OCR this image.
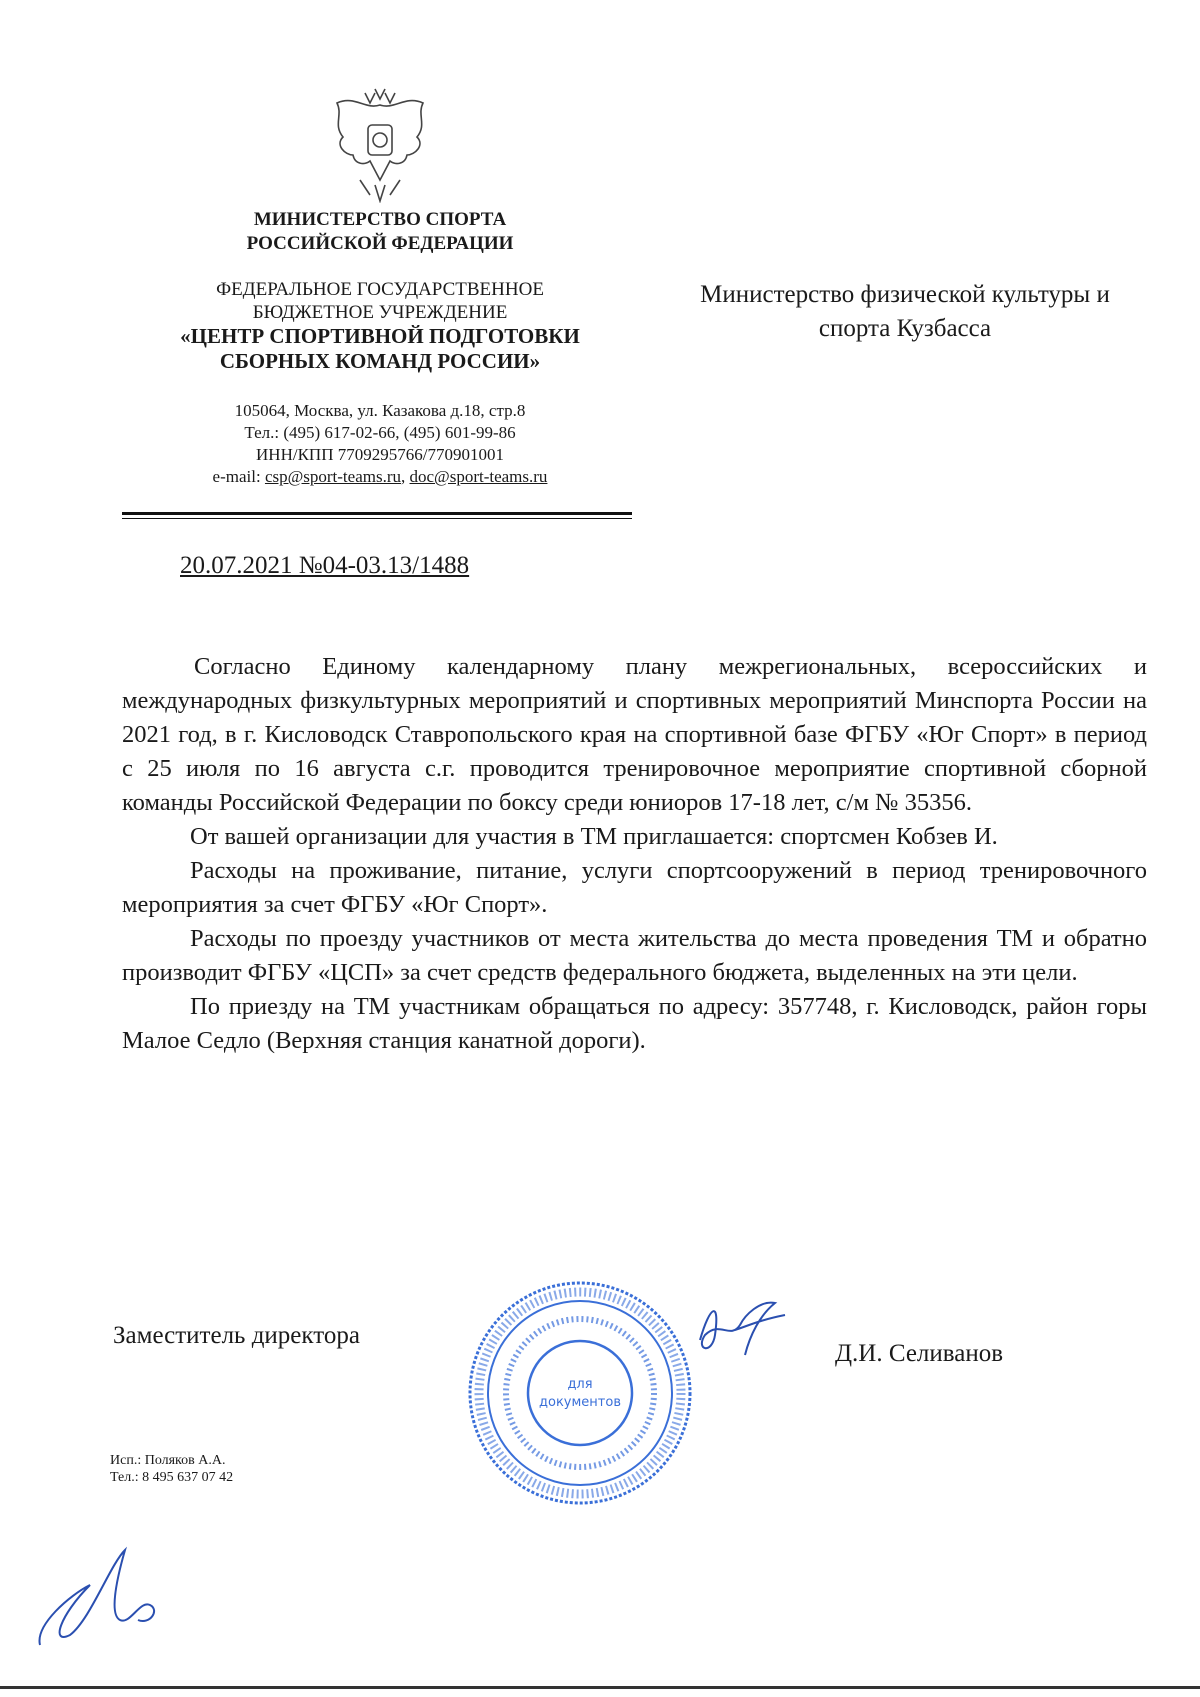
МИНИСТЕРСТВО СПОРТА
РОССИЙСКОЙ ФЕДЕРАЦИИ
ФЕДЕРАЛЬНОЕ ГОСУДАРСТВЕННОЕ
БЮДЖЕТНОЕ УЧРЕЖДЕНИЕ
«ЦЕНТР СПОРТИВНОЙ ПОДГОТОВКИ
СБОРНЫХ КОМАНД РОССИИ»
105064, Москва, ул. Казакова д.18, стр.8
Тел.: (495) 617-02-66, (495) 601-99-86
ИНН/КПП 7709295766/770901001
e-mail: csp@sport-teams.ru, doc@sport-teams.ru
Министерство физической культуры и
спорта Кузбасса
20.07.2021 №04-03.13/1488

Согласно Единому календарному плану межрегиональных, всероссийских и международных физкультурных мероприятий и спортивных мероприятий Минспорта России на 2021 год, в г. Кисловодск Ставропольского края на спортивной базе ФГБУ «Юг Спорт» в период с 25 июля по 16 августа с.г. проводится тренировочное мероприятие спортивной сборной команды Российской Федерации по боксу среди юниоров 17-18 лет, с/м № 35356.

От вашей организации для участия в ТМ приглашается: спортсмен Кобзев И.

Расходы на проживание, питание, услуги спортсооружений в период тренировочного мероприятия за счет ФГБУ «Юг Спорт».

Расходы по проезду участников от места жительства до места проведения ТМ и обратно производит ФГБУ «ЦСП» за счет средств федерального бюджета, выделенных на эти цели.

По приезду на ТМ участникам обращаться по адресу: 357748, г. Кисловодск, район горы Малое Седло (Верхняя станция канатной дороги).

Заместитель директора
для
документов
Д.И. Селиванов
Исп.: Поляков А.А.
Тел.: 8 495 637 07 42
